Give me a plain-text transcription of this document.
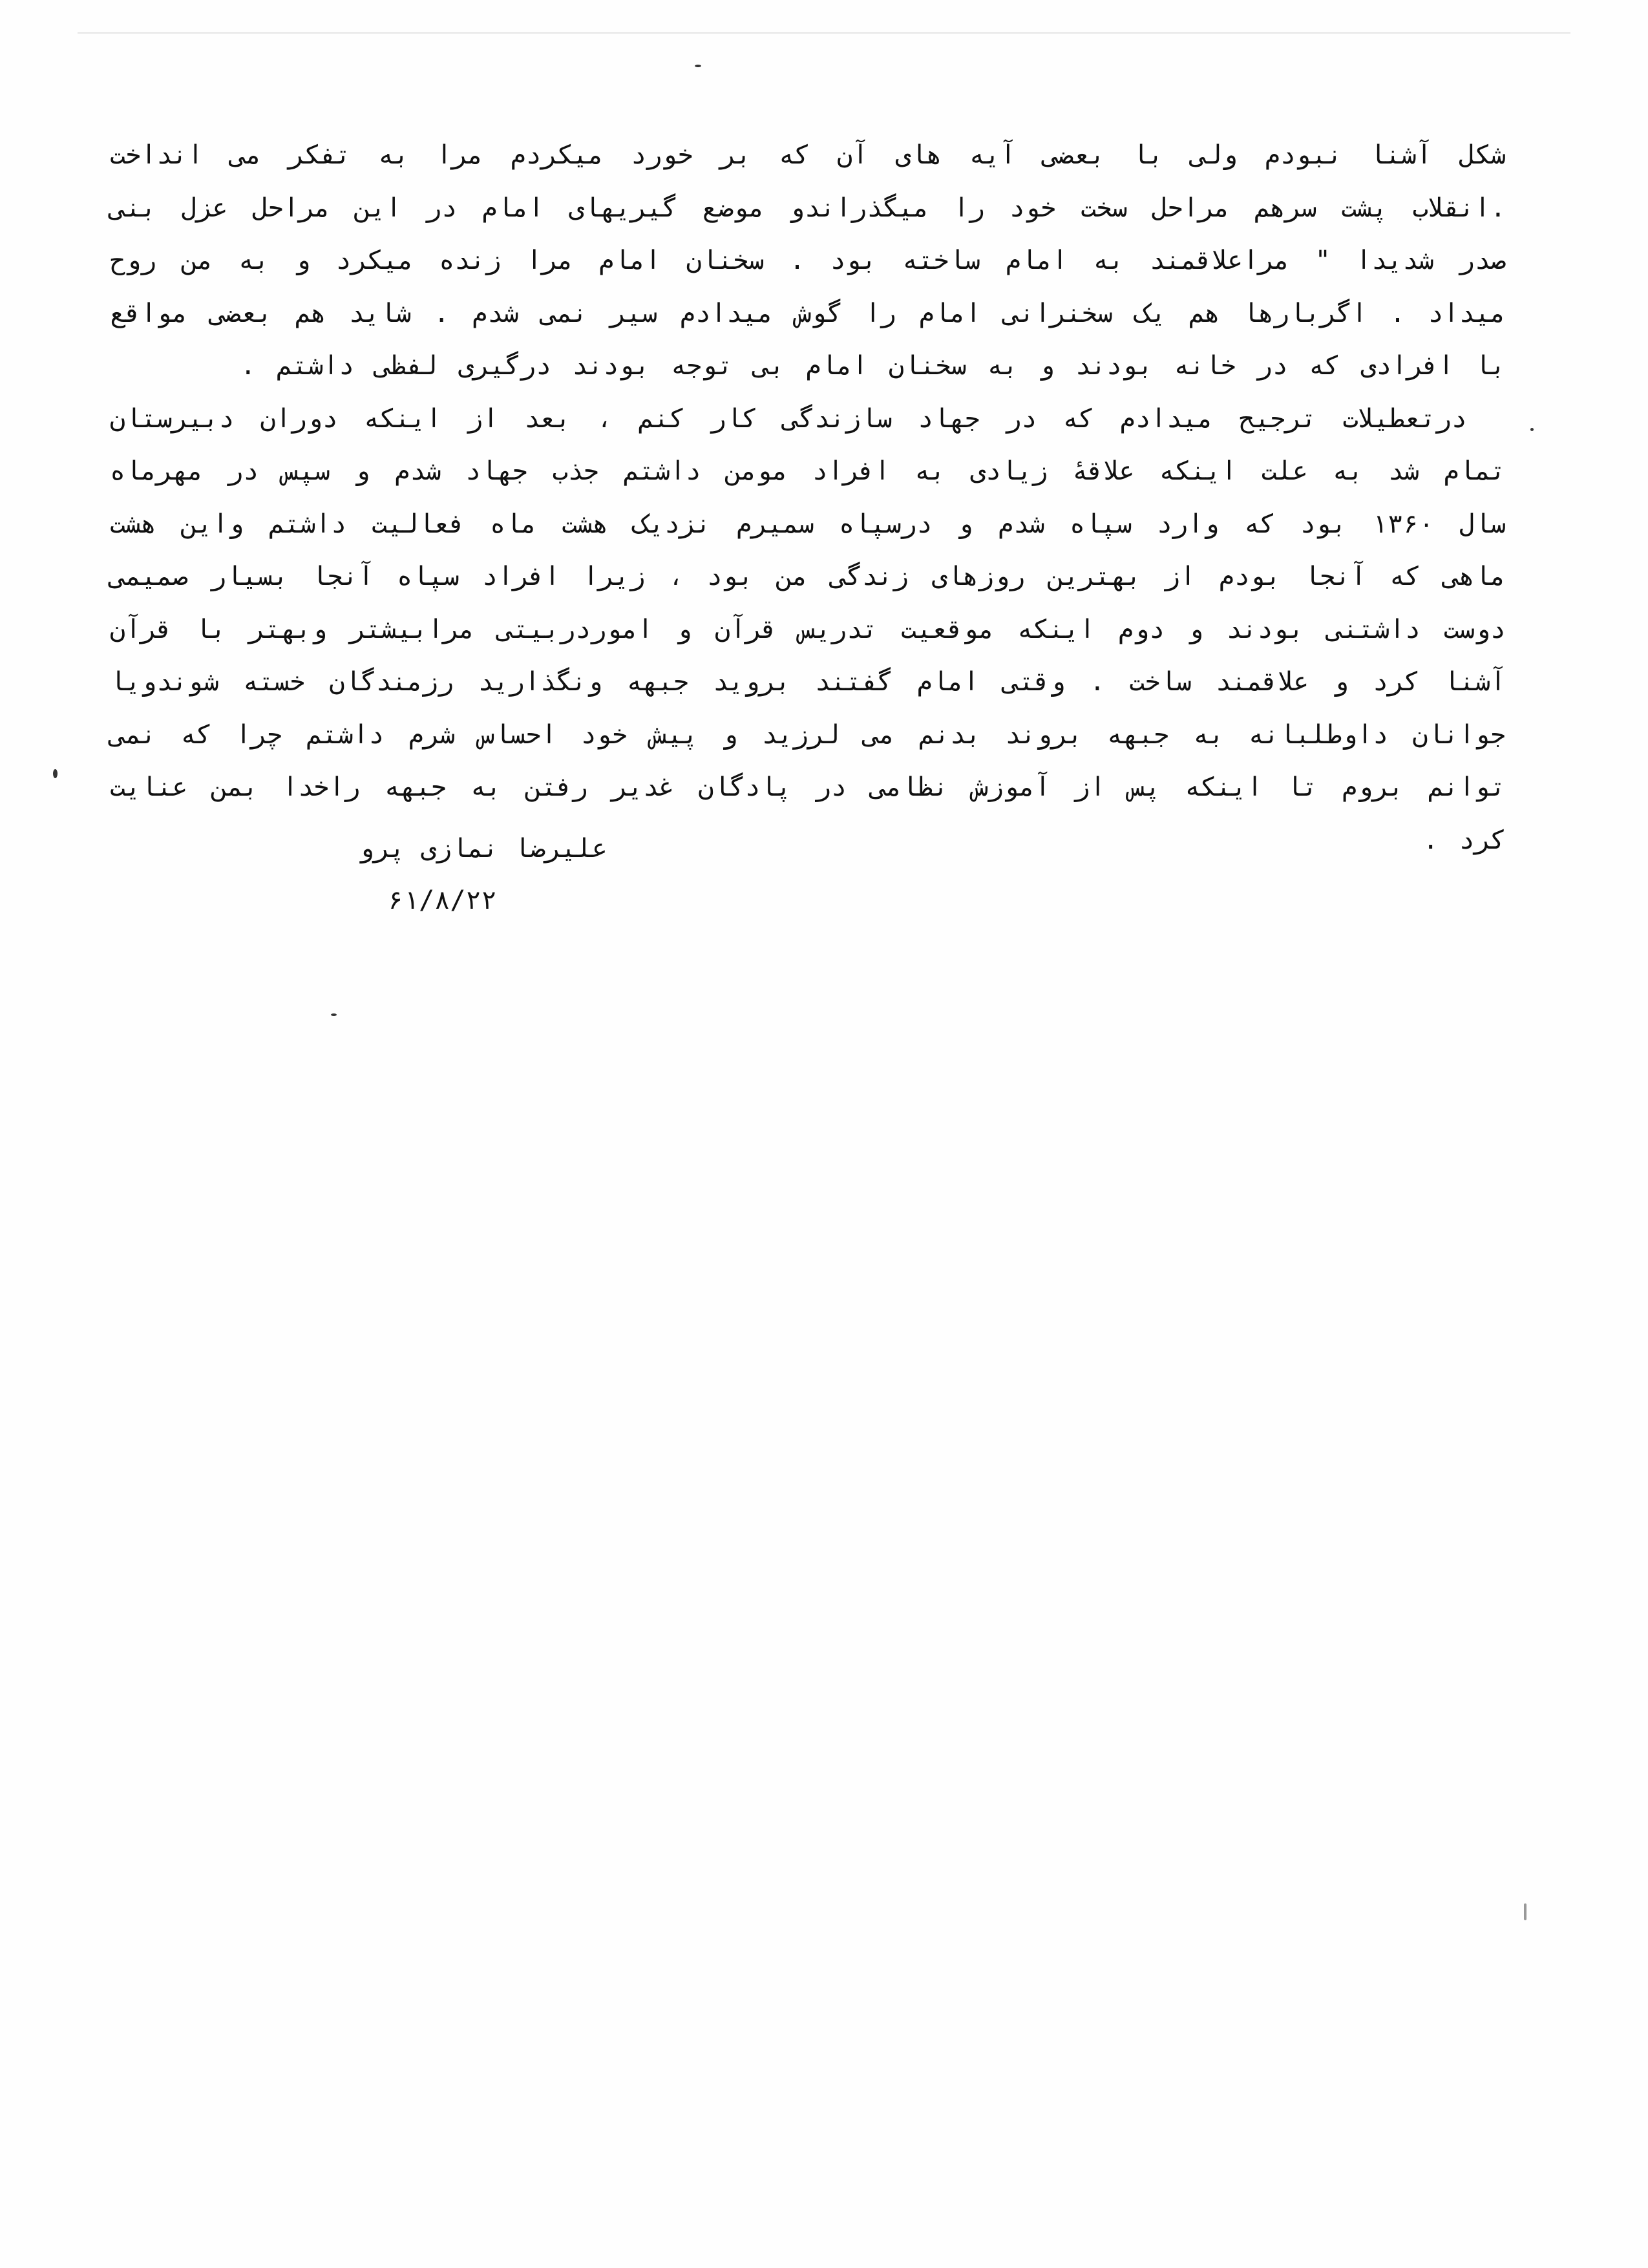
شکل آشنا نبودم ولی با بعضی آیه های آن که بر خورد میکردم مرا به تفکر می انداخت .انقلاب پشت سرهم مراحل سخت خود را میگذراندو موضع گیریهای امام در این مراحل عزل بنی صدر شدیدا " مراعلاقمند به امام ساخته بود . سخنان امام مرا زنده میکرد و به من روح میداد . اگربارها هم یک سخنرانی امام را گوش میدادم سیر نمی شدم . شاید هم بعضی مواقع با افرادی که در خانه بودند و به سخنان امام بی توجه بودند درگیری لفظی داشتم .
درتعطیلات ترجیح میدادم که در جهاد سازندگی کار کنم ، بعد از اینکه دوران دبیرستان تمام شد به علت اینکه علاقهٔ زیادی به افراد مومن داشتم جذب جهاد شدم و سپس در مهرماه سال ۱۳۶۰ بود که وارد سپاه شدم و درسپاه سمیرم نزدیک هشت ماه فعالیت داشتم واین هشت ماهی که آنجا بودم از بهترین روزهای زندگی من بود ، زیرا افراد سپاه آنجا بسیار صمیمی دوست داشتنی بودند و دوم اینکه موقعیت تدریس قرآن و اموردربیتی مرابیشتر وبهتر با قرآن آشنا کرد و علاقمند ساخت . وقتی امام گفتند بروید جبهه ونگذارید رزمندگان خسته شوندویا جوانان داوطلبانه به جبهه بروند بدنم می لرزید و پیش خود احساس شرم داشتم چرا که نمی توانم بروم تا اینکه پس از آموزش نظامی در پادگان غدیر رفتن به جبهه راخدا بمن عنایت کرد .
علیرضا نمازی پرو
۶۱/۸/۲۲
